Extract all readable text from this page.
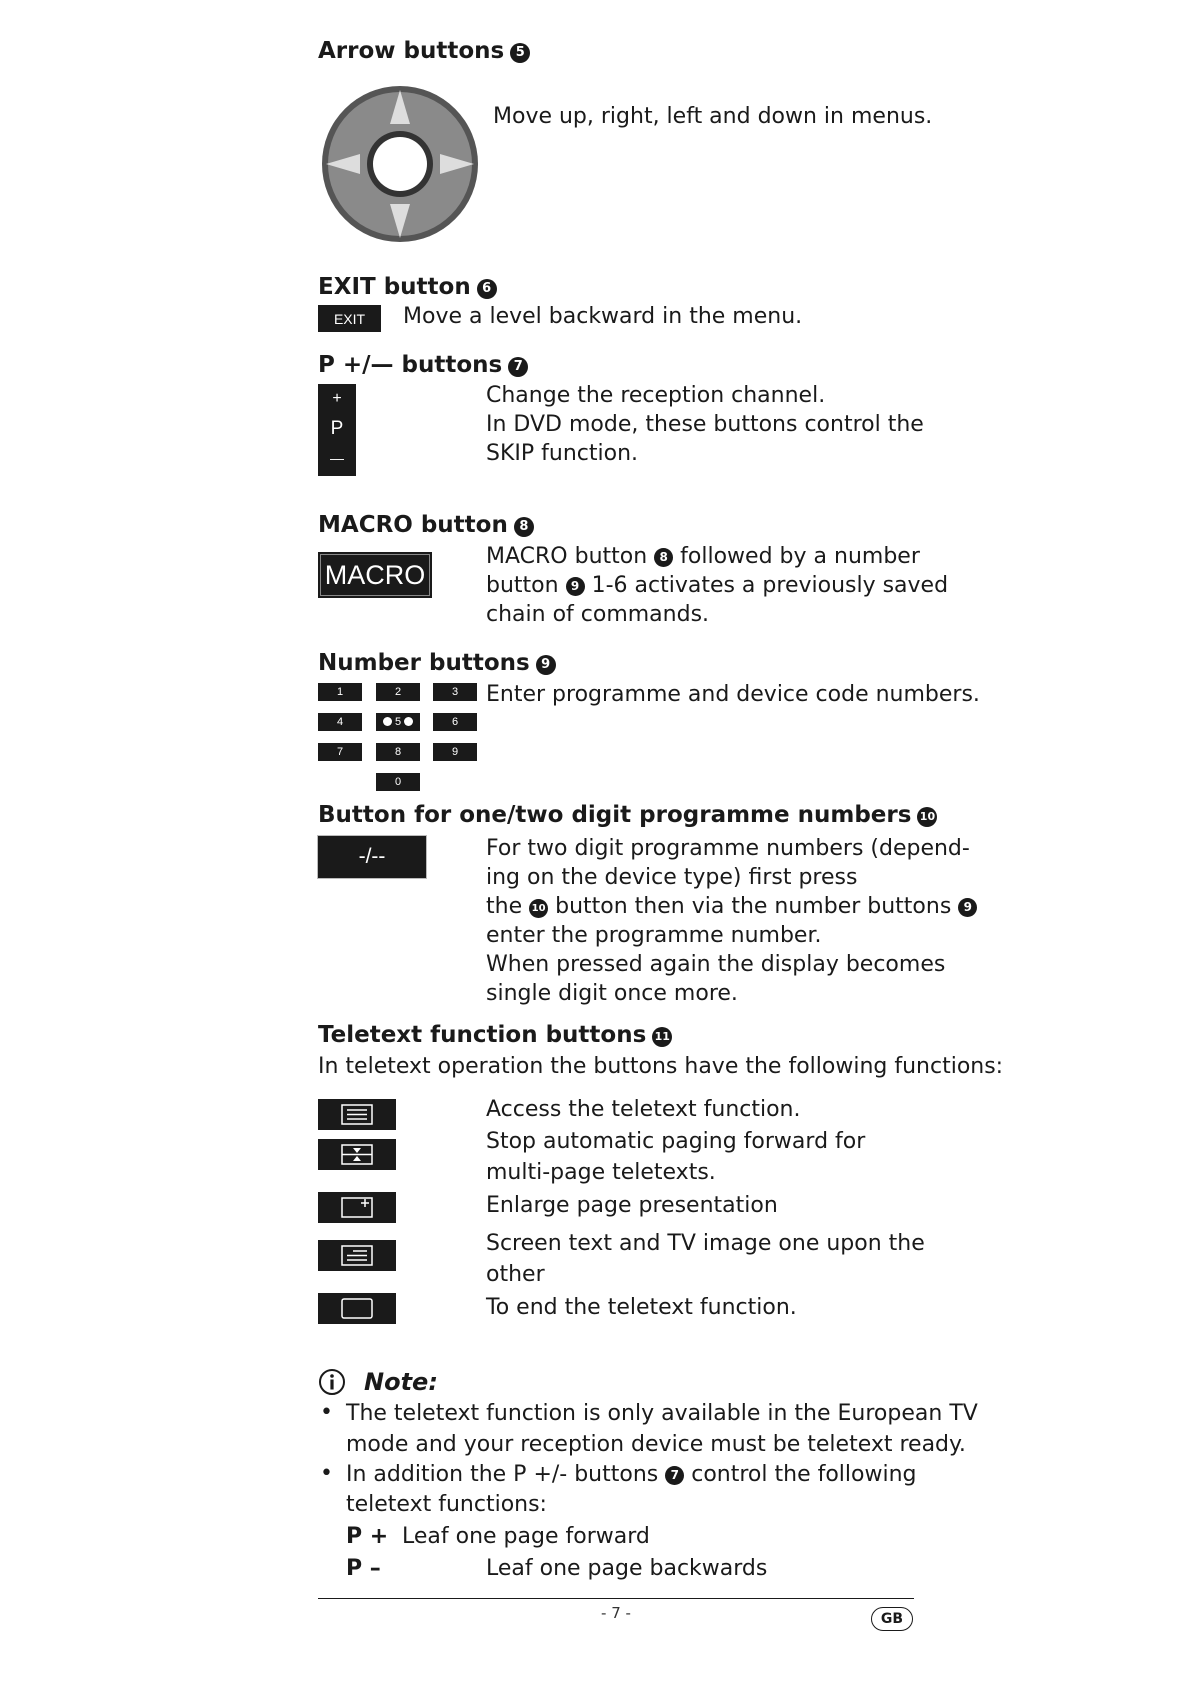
Arrow buttons 5
Move up, right, left and down in menus.
EXIT button 6
EXIT	Move a level backward in the menu.
P +/— buttons 7
+
P
—
Change the reception channel.
In DVD mode, these buttons control the
SKIP function.
MACRO button 8
MACRO
MACRO button 8 followed by a number
button 9 1-6 activates a previously saved
chain of commands.
Number buttons 9
1	2	3
4	5	6
7	8	9
0
Enter programme and device code numbers.
Button for one/two digit programme numbers 10
-/--	For two digit programme numbers (depend-
ing on the device type) first press
the 10 button then via the number buttons 9
enter the programme number.
When pressed again the display becomes
single digit once more.
Teletext function buttons 11
In teletext operation the buttons have the following functions:
Access the teletext function.
Stop automatic paging forward for
multi-page teletexts.
Enlarge page presentation
Screen text and TV image one upon the
other
To end the teletext function.
Note:
• The teletext function is only available in the European TV
mode and your reception device must be teletext ready.
• In addition the P +/- buttons 7 control the following
teletext functions:
P + Leaf one page forward
P –	Leaf one page backwards
- 7 -	GB
